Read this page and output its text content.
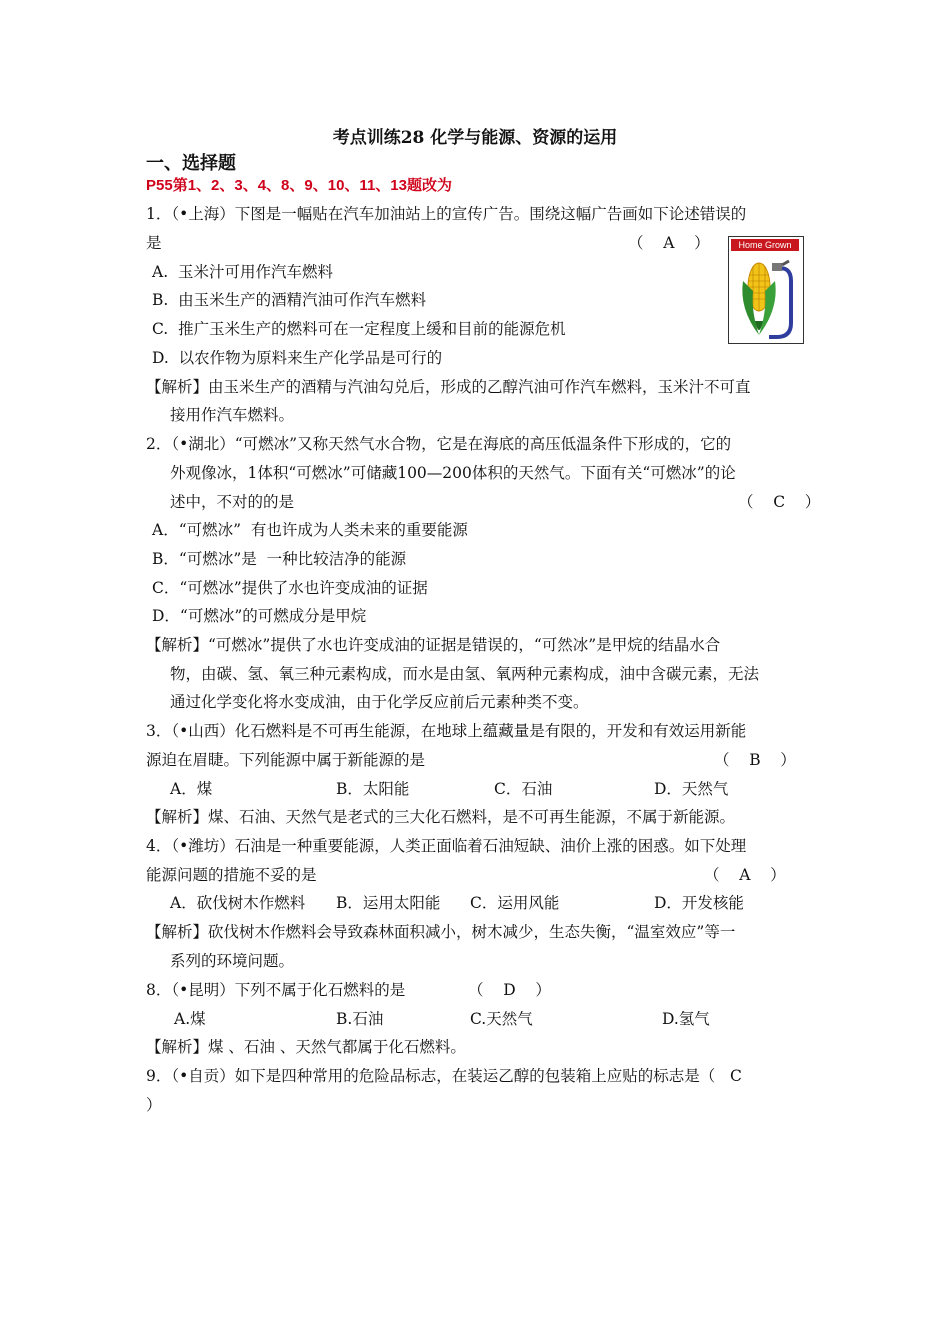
考点训练28 化学与能源、资源的运用
一、选择题
P55第1、2、3、4、8、9、10、11、13题改为
1．（•上海）下图是一幅贴在汽车加油站上的宣传广告。围绕这幅广告画如下论述错误的
是	（    A    ）	Home Grown
A.  玉米汁可用作汽车燃料
B.  由玉米生产的酒精汽油可作汽车燃料
C.  推广玉米生产的燃料可在一定程度上缓和目前的能源危机
D.  以农作物为原料来生产化学品是可行的
【解析】由玉米生产的酒精与汽油勾兑后，形成的乙醇汽油可作汽车燃料，玉米汁不可直
接用作汽车燃料。
2．（•湖北）“可燃冰”又称天然气水合物，它是在海底的高压低温条件下形成的，它的
外观像冰，1体积“可燃冰”可储藏100—200体积的天然气。下面有关“可燃冰”的论
述中，不对的的是	（    C    ）
A．“可燃冰”  有也许成为人类未来的重要能源
B．“可燃冰”是  一种比较洁净的能源
C．“可燃冰”提供了水也许变成油的证据
D．“可燃冰”的可燃成分是甲烷
【解析】“可燃冰”提供了水也许变成油的证据是错误的，“可然冰”是甲烷的结晶水合
物，由碳、氢、氧三种元素构成，而水是由氢、氧两种元素构成，油中含碳元素，无法
通过化学变化将水变成油，由于化学反应前后元素种类不变。
3．（•山西）化石燃料是不可再生能源，在地球上蕴藏量是有限的，开发和有效运用新能
源迫在眉睫。下列能源中属于新能源的是	（    B    ）
A．煤	B．太阳能	C．石油	D．天然气
【解析】煤、石油、天然气是老式的三大化石燃料，是不可再生能源，不属于新能源。
4．（•潍坊）石油是一种重要能源，人类正面临着石油短缺、油价上涨的困惑。如下处理
能源问题的措施不妥的是	（    A    ）
A．砍伐树木作燃料 B．运用太阳能 C．运用风能	D．开发核能
【解析】砍伐树木作燃料会导致森林面积减小，树木减少，生态失衡，“温室效应”等一
系列的环境问题。
8．（•昆明）下列不属于化石燃料的是	（    D    ）
A.煤	B.石油	C.天然气	D.氢气
【解析】煤 、石油 、天然气都属于化石燃料。
9．（•自贡）如下是四种常用的危险品标志，在装运乙醇的包装箱上应贴的标志是（   C
）
